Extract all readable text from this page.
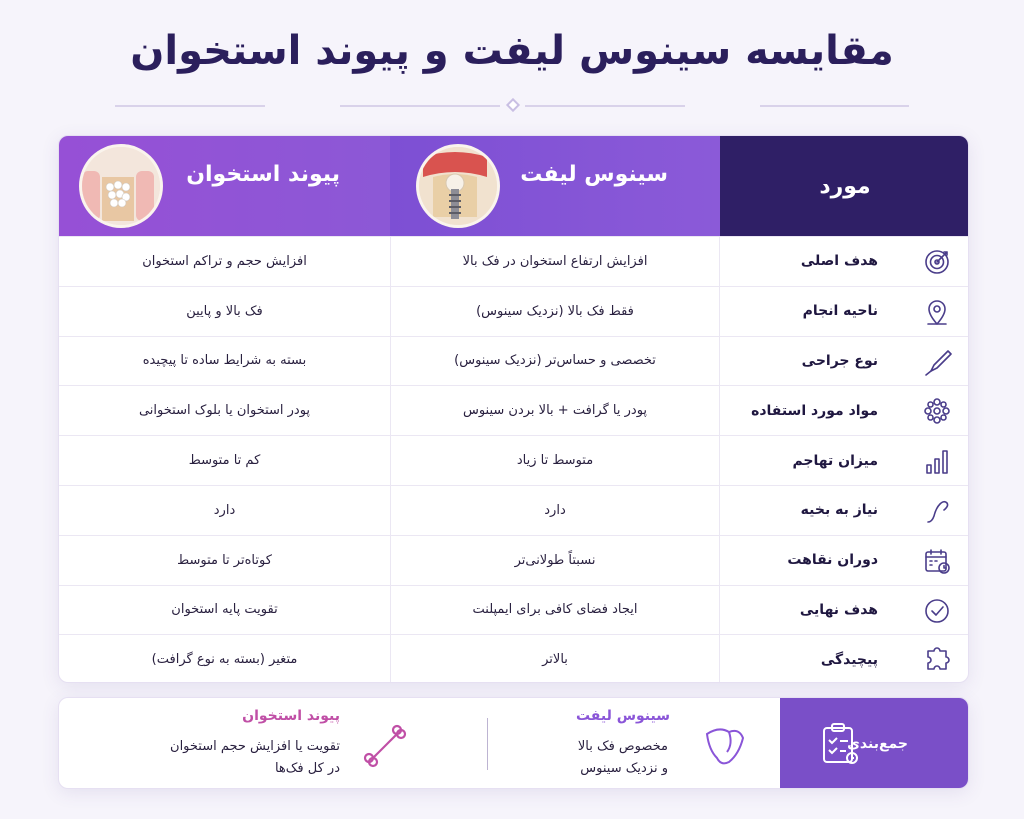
مقایسه سینوس لیفت و پیوند استخوان
مورد
سینوس لیفت
پیوند استخوان
هدف اصلی
افزایش ارتفاع استخوان در فک بالا
افزایش حجم و تراکم استخوان
ناحیه انجام
فقط فک بالا (نزدیک سینوس)
فک بالا و پایین
نوع جراحی
تخصصی و حساس‌تر (نزدیک سینوس)
بسته به شرایط ساده تا پیچیده
مواد مورد استفاده
پودر یا گرافت + بالا بردن سینوس
پودر استخوان یا بلوک استخوانی
میزان تهاجم
متوسط تا زیاد
کم تا متوسط
نیاز به بخیه
دارد
دارد
دوران نقاهت
نسبتاً طولانی‌تر
کوتاه‌تر تا متوسط
هدف نهایی
ایجاد فضای کافی برای ایمپلنت
تقویت پایه استخوان
پیچیدگی
بالاتر
متغیر (بسته به نوع گرافت)
جمع‌بندی
سینوس لیفت
مخصوص فک بالا
و نزدیک سینوس
پیوند استخوان
تقویت یا افزایش حجم استخوان
در کل فک‌ها
